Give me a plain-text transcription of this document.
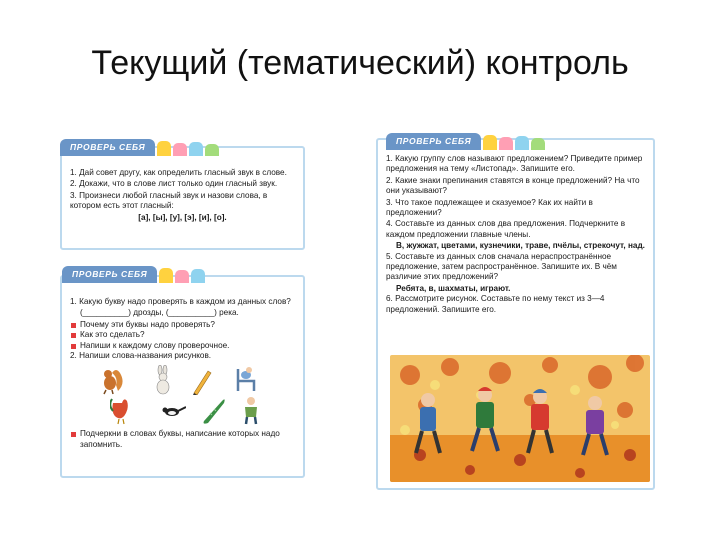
Текущий (тематический) контроль
ПРОВЕРЬ СЕБЯ
1. Дай совет другу, как определить гласный звук в слове.
2. Докажи, что в слове лист только один гласный звук.
3. Произнеси любой гласный звук и назови слова, в котором есть этот гласный:
[а], [ы], [у], [э], [и], [о].
ПРОВЕРЬ СЕБЯ
1. Какую букву надо проверять в каждом из данных слов?
(__________) дрозды, (__________) река.
Почему эти буквы надо проверять?
Как это сделать?
Напиши к каждому слову проверочное.
2. Напиши слова-названия рисунков.
Подчеркни в словах буквы, написание которых надо запомнить.
ПРОВЕРЬ СЕБЯ
1. Какую группу слов называют предложением? Приведите пример предложения на тему «Листопад». Запишите его.
2. Какие знаки препинания ставятся в конце предложений? На что они указывают?
3. Что такое подлежащее и сказуемое? Как их найти в предложении?
4. Составьте из данных слов два предложения. Подчеркните в каждом предложении главные члены.
В, жужжат, цветами, кузнечики, траве, пчёлы, стрекочут, над.
5. Составьте из данных слов сначала нераспространённое предложение, затем распространённое. Запишите их. В чём различие этих предложений?
Ребята, в, шахматы, играют.
6. Рассмотрите рисунок. Составьте по нему текст из 3—4 предложений. Запишите его.
